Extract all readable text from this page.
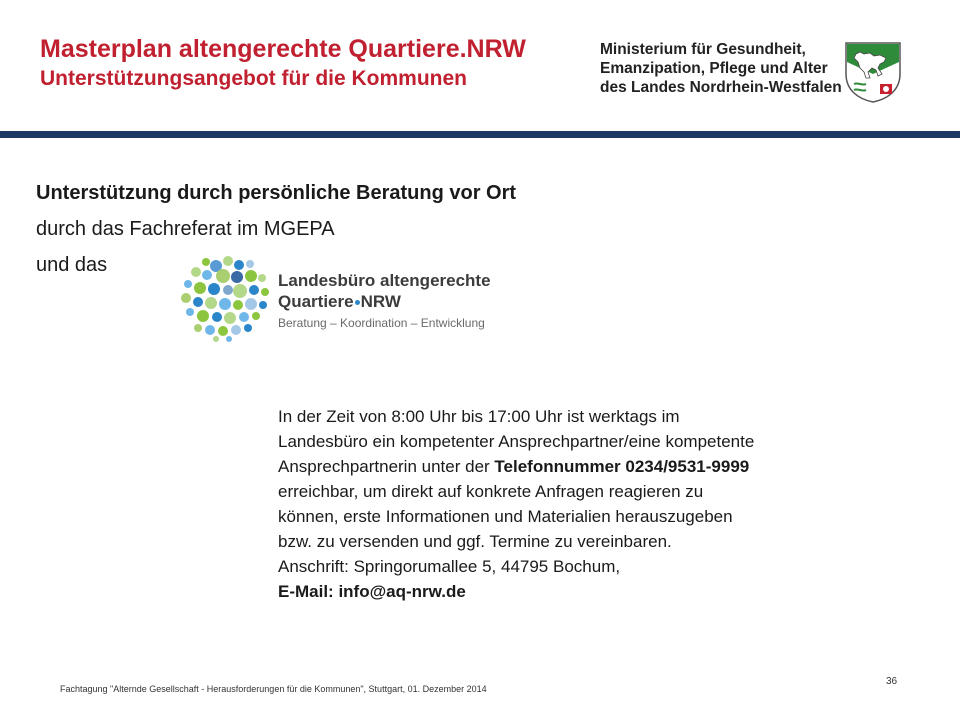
Masterplan altengerechte Quartiere.NRW
Unterstützungsangebot für die Kommunen
Ministerium für Gesundheit,
Emanzipation, Pflege und Alter
des Landes Nordrhein-Westfalen
Unterstützung durch persönliche Beratung vor Ort
durch das Fachreferat im MGEPA
und das
Landesbüro altengerechte
Quartiere NRW
Beratung – Koordination – Entwicklung
In der Zeit von 8:00 Uhr bis 17:00 Uhr ist werktags im
Landesbüro ein kompetenter Ansprechpartner/eine kompetente
Ansprechpartnerin unter der Telefonnummer 0234/9531-9999
erreichbar, um direkt auf konkrete Anfragen reagieren zu
können, erste Informationen und Materialien herauszugeben
bzw. zu versenden und ggf. Termine zu vereinbaren.
Anschrift: Springorumallee 5, 44795 Bochum,
E-Mail: info@aq-nrw.de
Fachtagung "Alternde Gesellschaft - Herausforderungen für die Kommunen", Stuttgart, 01. Dezember 2014
36
